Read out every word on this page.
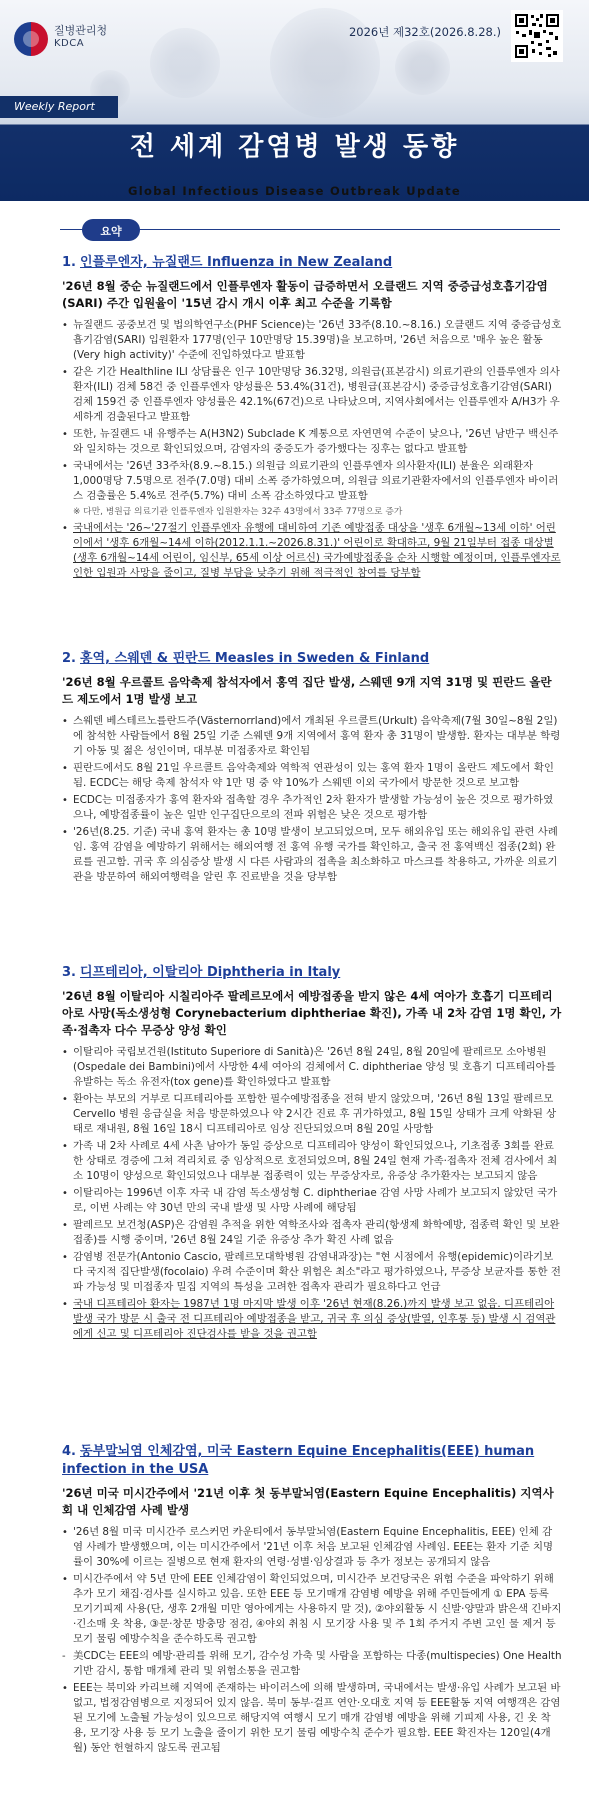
질병관리청
KDCA
2026년 제32호(2026.8.28.)
Weekly Report
전 세계 감염병 발생 동향
Global Infectious Disease Outbreak Update
요약
1. 인플루엔자, 뉴질랜드 Influenza in New Zealand
'26년 8월 중순 뉴질랜드에서 인플루엔자 활동이 급증하면서 오클랜드 지역 중증급성호흡기감염(SARI) 주간 입원율이 '15년 감시 개시 이후 최고 수준을 기록함
• 뉴질랜드 공중보건 및 법의학연구소(PHF Science)는 '26년 33주(8.10.~8.16.) 오클랜드 지역 중증급성호흡기감염(SARI) 입원환자 177명(인구 10만명당 15.39명)을 보고하며, '26년 처음으로 '매우 높은 활동(Very high activity)' 수준에 진입하였다고 발표함
• 같은 기간 Healthline ILI 상담률은 인구 10만명당 36.32명, 의원급(표본감시) 의료기관의 인플루엔자 의사환자(ILI) 검체 58건 중 인플루엔자 양성률은 53.4%(31건), 병원급(표본감시) 중증급성호흡기감염(SARI) 검체 159건 중 인플루엔자 양성률은 42.1%(67건)으로 나타났으며, 지역사회에서는 인플루엔자 A/H3가 우세하게 검출된다고 발표함
• 또한, 뉴질랜드 내 유행주는 A(H3N2) Subclade K 계통으로 자연면역 수준이 낮으나, '26년 남반구 백신주와 일치하는 것으로 확인되었으며, 감염자의 중증도가 증가했다는 징후는 없다고 발표함
• 국내에서는 '26년 33주차(8.9.~8.15.) 의원급 의료기관의 인플루엔자 의사환자(ILI) 분율은 외래환자 1,000명당 7.5명으로 전주(7.0명) 대비 소폭 증가하였으며, 의원급 의료기관환자에서의 인플루엔자 바이러스 검출률은 5.4%로 전주(5.7%) 대비 소폭 감소하였다고 발표함
※ 다만, 병원급 의료기관 인플루엔자 입원환자는 32주 43명에서 33주 77명으로 증가
• 국내에서는 '26~'27절기 인플루엔자 유행에 대비하여 기존 예방접종 대상을 '생후 6개월~13세 이하' 어린이에서 '생후 6개월~14세 이하(2012.1.1.~2026.8.31.)' 어린이로 확대하고, 9월 21일부터 접종 대상별(생후 6개월~14세 어린이, 임신부, 65세 이상 어르신) 국가예방접종을 순차 시행할 예정이며, 인플루엔자로 인한 입원과 사망을 줄이고, 질병 부담을 낮추기 위해 적극적인 참여를 당부함
2. 홍역, 스웨덴 & 핀란드 Measles in Sweden & Finland
'26년 8월 우르콜트 음악축제 참석자에서 홍역 집단 발생, 스웨덴 9개 지역 31명 및 핀란드 올란드 제도에서 1명 발생 보고
• 스웨덴 베스테르노를란드주(Västernorrland)에서 개최된 우르콜트(Urkult) 음악축제(7월 30일~8월 2일)에 참석한 사람들에서 8월 25일 기준 스웨덴 9개 지역에서 홍역 환자 총 31명이 발생함. 환자는 대부분 학령기 아동 및 젊은 성인이며, 대부분 미접종자로 확인됨
• 핀란드에서도 8월 21일 우르콜트 음악축제와 역학적 연관성이 있는 홍역 환자 1명이 올란드 제도에서 확인됨. ECDC는 해당 축제 참석자 약 1만 명 중 약 10%가 스웨덴 이외 국가에서 방문한 것으로 보고함
• ECDC는 미접종자가 홍역 환자와 접촉할 경우 추가적인 2차 환자가 발생할 가능성이 높은 것으로 평가하였으나, 예방접종률이 높은 일반 인구집단으로의 전파 위험은 낮은 것으로 평가함
• '26년(8.25. 기준) 국내 홍역 환자는 총 10명 발생이 보고되었으며, 모두 해외유입 또는 해외유입 관련 사례임. 홍역 감염을 예방하기 위해서는 해외여행 전 홍역 유행 국가를 확인하고, 출국 전 홍역백신 접종(2회) 완료를 권고함. 귀국 후 의심증상 발생 시 다른 사람과의 접촉을 최소화하고 마스크를 착용하고, 가까운 의료기관을 방문하여 해외여행력을 알린 후 진료받을 것을 당부함
3. 디프테리아, 이탈리아 Diphtheria in Italy
'26년 8월 이탈리아 시칠리아주 팔레르모에서 예방접종을 받지 않은 4세 여아가 호흡기 디프테리아로 사망(독소생성형 Corynebacterium diphtheriae 확진), 가족 내 2차 감염 1명 확인, 가족·접촉자 다수 무증상 양성 확인
• 이탈리아 국립보건원(Istituto Superiore di Sanità)은 '26년 8월 24일, 8월 20일에 팔레르모 소아병원(Ospedale dei Bambini)에서 사망한 4세 여아의 검체에서 C. diphtheriae 양성 및 호흡기 디프테리아를 유발하는 독소 유전자(tox gene)를 확인하였다고 발표함
• 환아는 부모의 거부로 디프테리아를 포함한 필수예방접종을 전혀 받지 않았으며, '26년 8월 13일 팔레르모 Cervello 병원 응급실을 처음 방문하였으나 약 2시간 진료 후 귀가하였고, 8월 15일 상태가 크게 악화된 상태로 재내원, 8월 16일 18시 디프테리아로 임상 진단되었으며 8월 20일 사망함
• 가족 내 2차 사례로 4세 사촌 남아가 동일 증상으로 디프테리아 양성이 확인되었으나, 기초접종 3회를 완료한 상태로 경증에 그쳐 격리치료 중 임상적으로 호전되었으며, 8월 24일 현재 가족·접촉자 전체 검사에서 최소 10명이 양성으로 확인되었으나 대부분 접종력이 있는 무증상자로, 유증상 추가환자는 보고되지 않음
• 이탈리아는 1996년 이후 자국 내 감염 독소생성형 C. diphtheriae 감염 사망 사례가 보고되지 않았던 국가로, 이번 사례는 약 30년 만의 국내 발생 및 사망 사례에 해당됨
• 팔레르모 보건청(ASP)은 감염원 추적을 위한 역학조사와 접촉자 관리(항생제 화학예방, 접종력 확인 및 보완접종)를 시행 중이며, '26년 8월 24일 기준 유증상 추가 확진 사례 없음
• 감염병 전문가(Antonio Cascio, 팔레르모대학병원 감염내과장)는 "현 시점에서 유행(epidemic)이라기보다 국지적 집단발생(focolaio) 우려 수준이며 확산 위험은 최소"라고 평가하였으나, 무증상 보균자를 통한 전파 가능성 및 미접종자 밀집 지역의 특성을 고려한 접촉자 관리가 필요하다고 언급
• 국내 디프테리아 환자는 1987년 1명 마지막 발생 이후 '26년 현재(8.26.)까지 발생 보고 없음. 디프테리아 발생 국가 방문 시 출국 전 디프테리아 예방접종을 받고, 귀국 후 의심 증상(발열, 인후통 등) 발생 시 검역관에게 신고 및 디프테리아 진단검사를 받을 것을 권고함
4. 동부말뇌염 인체감염, 미국 Eastern Equine Encephalitis(EEE) human infection in the USA
'26년 미국 미시간주에서 '21년 이후 첫 동부말뇌염(Eastern Equine Encephalitis) 지역사회 내 인체감염 사례 발생
• '26년 8월 미국 미시간주 로스커먼 카운티에서 동부말뇌염(Eastern Equine Encephalitis, EEE) 인체 감염 사례가 발생했으며, 이는 미시간주에서 '21년 이후 처음 보고된 인체감염 사례임. EEE는 환자 기준 치명률이 30%에 이르는 질병으로 현재 환자의 연령·성별·임상결과 등 추가 정보는 공개되지 않음
• 미시간주에서 약 5년 만에 EEE 인체감염이 확인되었으며, 미시간주 보건당국은 위험 수준을 파악하기 위해 추가 모기 채집·검사를 실시하고 있음. 또한 EEE 등 모기매개 감염병 예방을 위해 주민들에게 ① EPA 등록 모기기피제 사용(단, 생후 2개월 미만 영아에게는 사용하지 말 것), ②야외활동 시 신발·양말과 밝은색 긴바지·긴소매 옷 착용, ③문·창문 방충망 점검, ④야외 취침 시 모기장 사용 및 주 1회 주거지 주변 고인 물 제거 등 모기 물림 예방수칙을 준수하도록 권고함
- 美CDC는 EEE의 예방·관리를 위해 모기, 감수성 가축 및 사람을 포함하는 다종(multispecies) One Health 기반 감시, 통합 매개체 관리 및 위험소통을 권고함
• EEE는 북미와 카리브해 지역에 존재하는 바이러스에 의해 발생하며, 국내에서는 발생·유입 사례가 보고된 바 없고, 법정감염병으로 지정되어 있지 않음. 북미 동부·걸프 연안·오대호 지역 등 EEE활동 지역 여행객은 감염된 모기에 노출될 가능성이 있으므로 해당지역 여행시 모기 매개 감염병 예방을 위해 기피제 사용, 긴 옷 착용, 모기장 사용 등 모기 노출을 줄이기 위한 모기 물림 예방수칙 준수가 필요함. EEE 확진자는 120일(4개월) 동안 헌혈하지 않도록 권고됨
